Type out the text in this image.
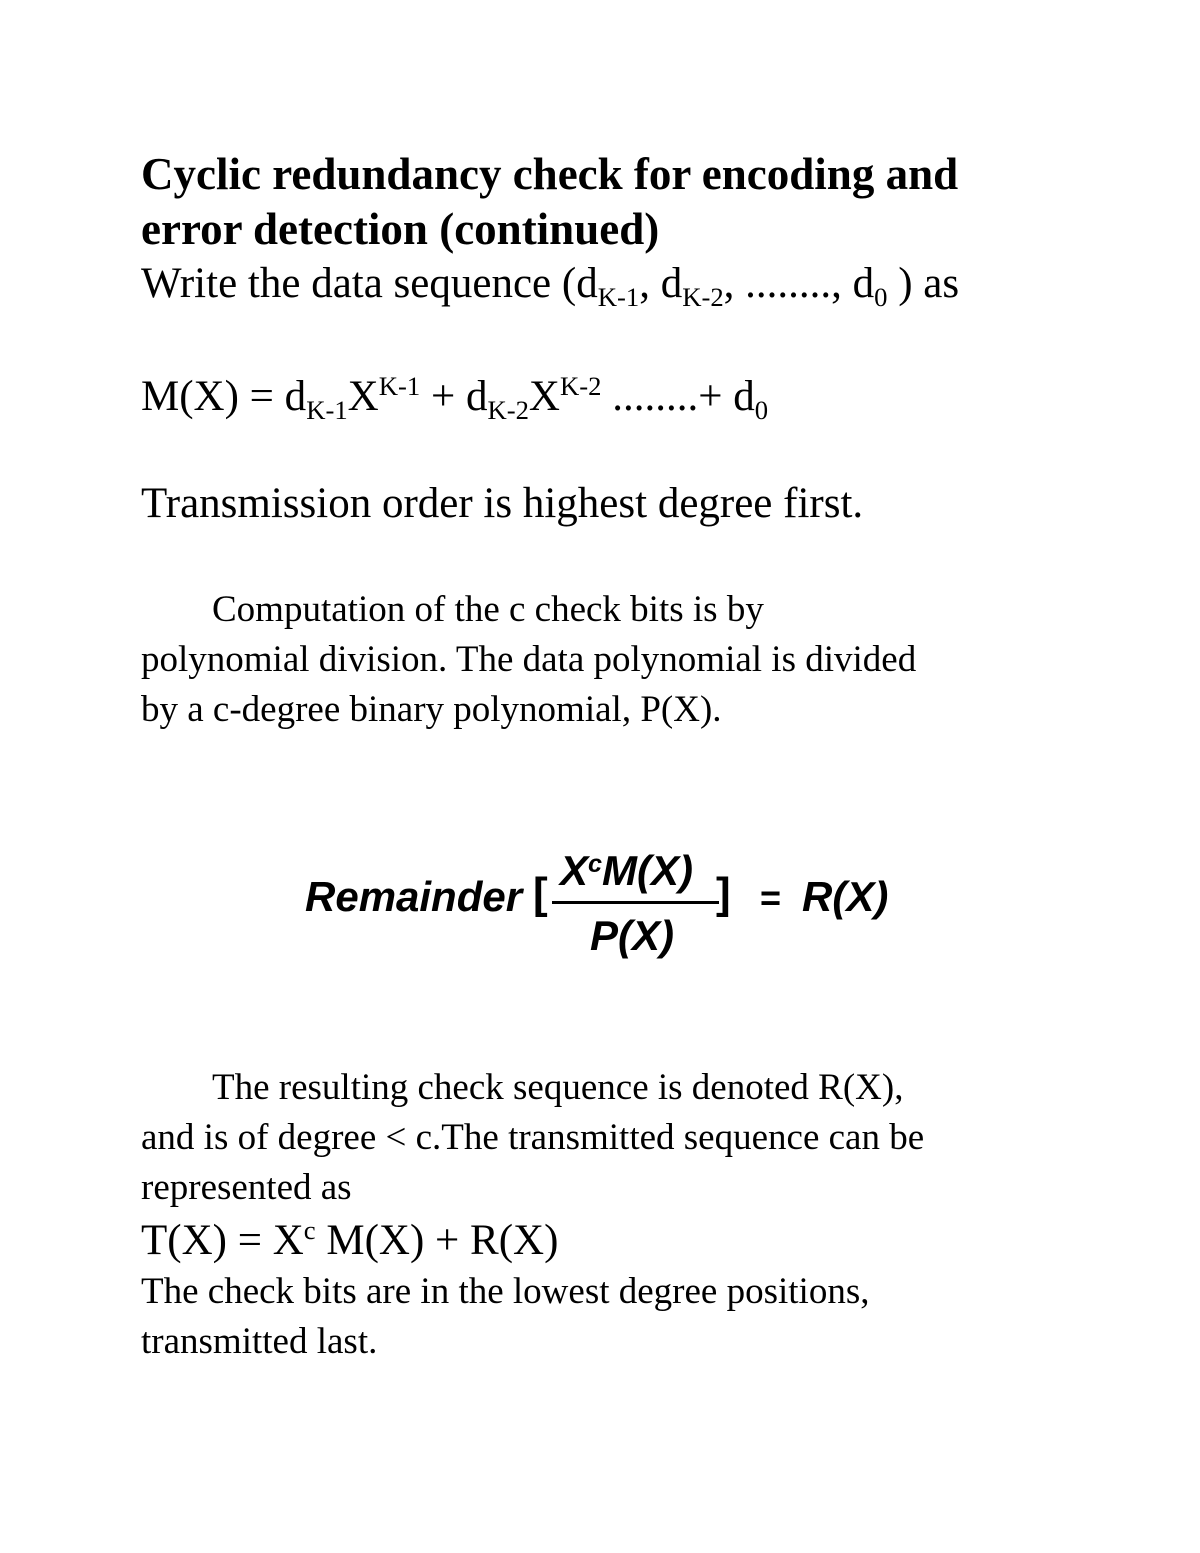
Cyclic redundancy check for encoding and
error detection (continued)
Write the data sequence ($d_{K-1}$, $d_{K-2}$, ........, $d_0$ ) as
$M(X) = d_{K-1}X^{K-1} + d_{K-2}X^{K-2}$ ........+ $d_0$
Transmission order is highest degree first.
Computation of the c check bits is by
polynomial division. The data polynomial is divided
by a c-degree binary polynomial, P(X).
Remainder [ $X^cM(X)$
P(X)
] = R(X)
The resulting check sequence is denoted R(X),
and is of degree < c.The transmitted sequence can be
represented as
$T(X) = X^c$ M(X) + R(X)
The check bits are in the lowest degree positions,
transmitted last.
